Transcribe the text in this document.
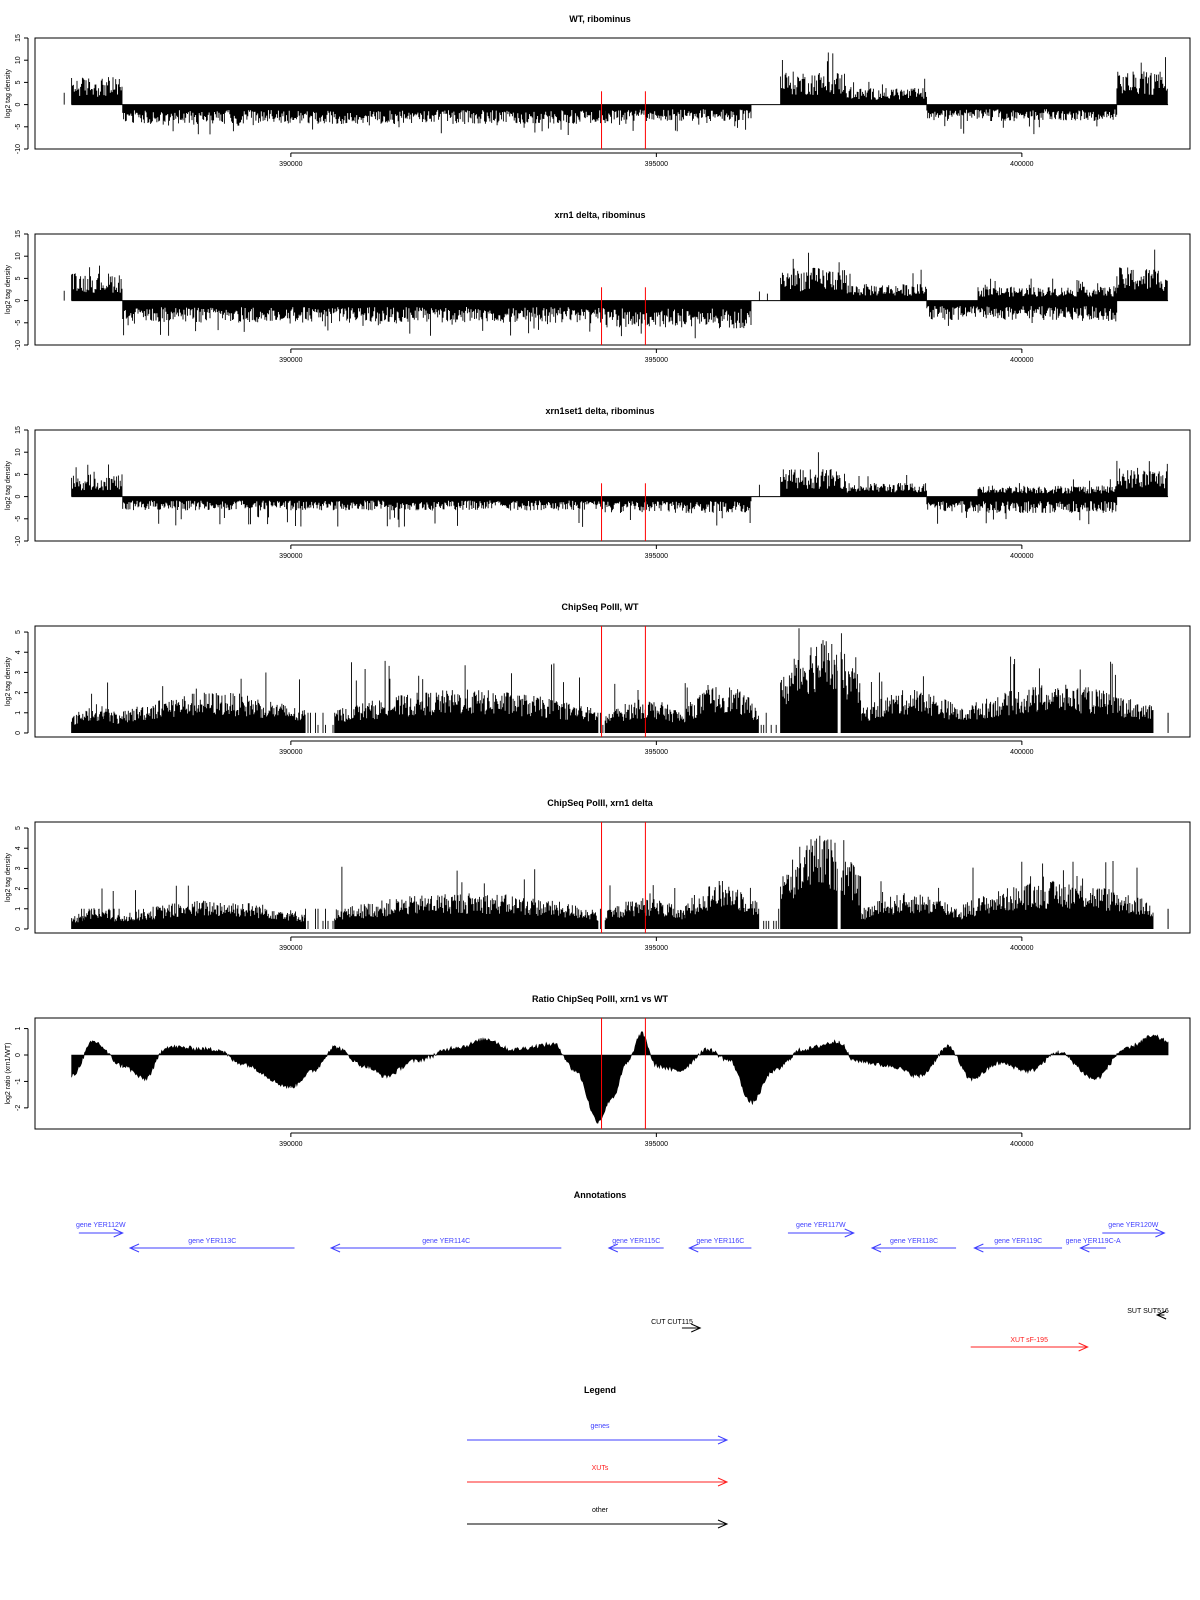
WT, ribominus
-10
-5
0
5
10
15
log2 tag density
390000	395000	400000
xrn1 delta, ribominus
-10
-5
0
5
10
15
log2 tag density
390000	395000	400000
xrn1set1 delta, ribominus
-10
-5
0
5
10
15
log2 tag density
390000	395000	400000
ChipSeq PolII, WT
0
1
2
3
4
5
log2 tag density
390000	395000	400000
ChipSeq PolII, xrn1 delta
0
1
2
3
4
5
log2 tag density
390000	395000	400000
Ratio ChipSeq PolII, xrn1 vs WT
-2
-1
0
1
log2 ratio (xrn1/WT)
390000	395000	400000
Annotations
gene YER112W
gene YER113C	gene YER114C	gene YER115C	gene YER116C
gene YER117W
gene YER118C	gene YER119C	gene YER119C-A
gene YER120W
CUT CUT115
SUT SUT516
XUT sF-195
Legend
genes
XUTs
other
